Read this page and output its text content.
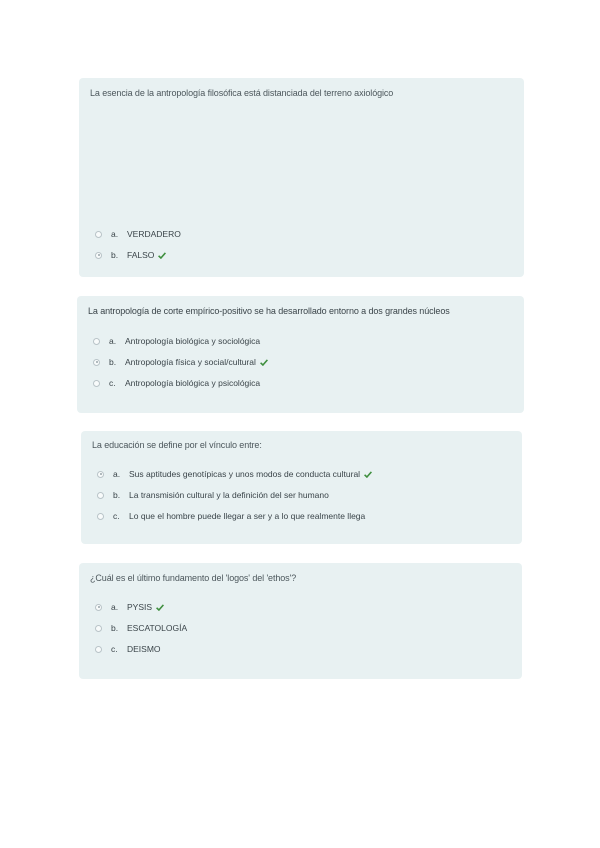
La esencia de la antropología filosófica está distanciada del terreno axiológico
a.	VERDADERO
b.	FALSO
La antropología de corte empírico-positivo se ha desarrollado entorno a dos grandes núcleos
a.	Antropología biológica y sociológica
b.	Antropología física y social/cultural
c.	Antropología biológica y psicológica
La educación se define por el vínculo entre:
a.	Sus aptitudes genotípicas y unos modos de conducta cultural
b.	La transmisión cultural y la definición del ser humano
c.	Lo que el hombre puede llegar a ser y a lo que realmente llega
¿Cuál es el último fundamento del 'logos' del 'ethos'?
a.	PYSIS
b.	ESCATOLOGÍA
c.	DEISMO
